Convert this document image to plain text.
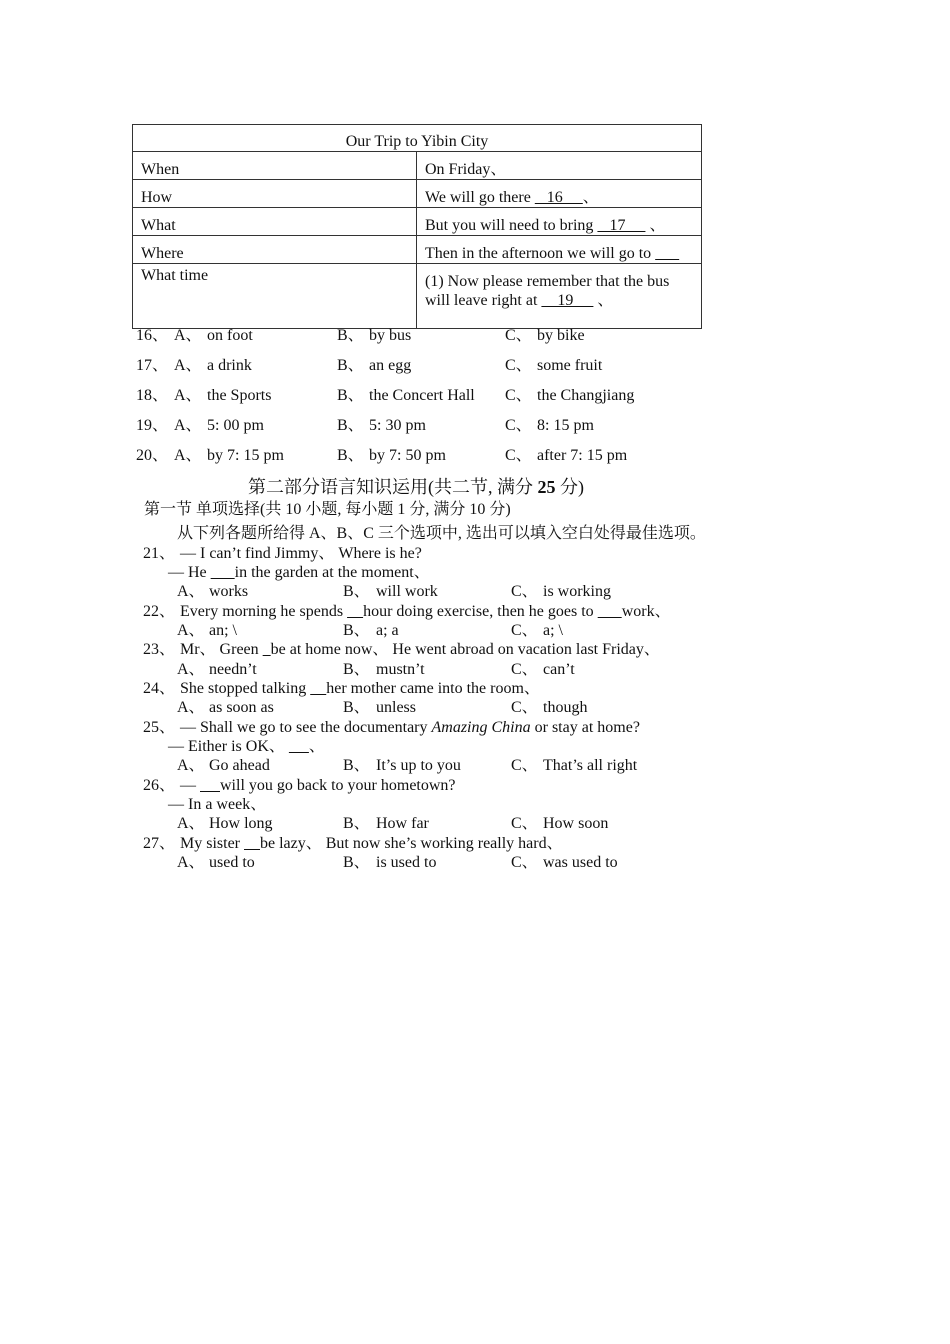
Our Trip to Yibin City	
When	On Friday、
How	We will go there    16     、
What	But you will need to bring    17      、
Where	Then in the afternoon we will go to
What time	(1) Now please remember that the bus
will leave right at     19      、
16、 A、 on foot	B、 by bus	C、 by bike
17、 A、 a drink	B、 an egg	C、 some fruit
18、 A、 the Sports	B、 the Concert Hall C、 the Changjiang
19、 A、 5: 00 pm	B、 5: 30 pm	C、 8: 15 pm
20、 A、 by 7: 15 pm	B、 by 7: 50 pm	C、 after 7: 15 pm
第二部分语言知识运用(共二节, 满分 25 分)
第一节 单项选择(共 10 小题, 每小题 1 分, 满分 10 分)
从下列各题所给得 A、B、C 三个选项中, 选出可以填入空白处得最佳选项。
21、 — I can’t find Jimmy、 Where is he?
— He       in the garden at the moment、
A、 works	B、 will work	C、 is working
22、 Every morning he spends     hour doing exercise, then he goes to       work、
A、 an; \	B、 a; a	C、 a; \
23、 Mr、 Green   be at home now、 He went abroad on vacation last Friday、
A、 needn’t	B、 mustn’t	C、 can’t
24、 She stopped talking     her mother came into the room、
A、 as soon as	B、 unless	C、 though
25、 — Shall we go to see the documentary Amazing China or stay at home?
— Either is OK、      、
A、 Go ahead	B、 It’s up to you	C、 That’s all right
26、 —      will you go back to your hometown?
— In a week、
A、 How long	B、 How far	C、 How soon
27、 My sister     be lazy、 But now she’s working really hard、
A、 used to	B、 is used to	C、 was used to
